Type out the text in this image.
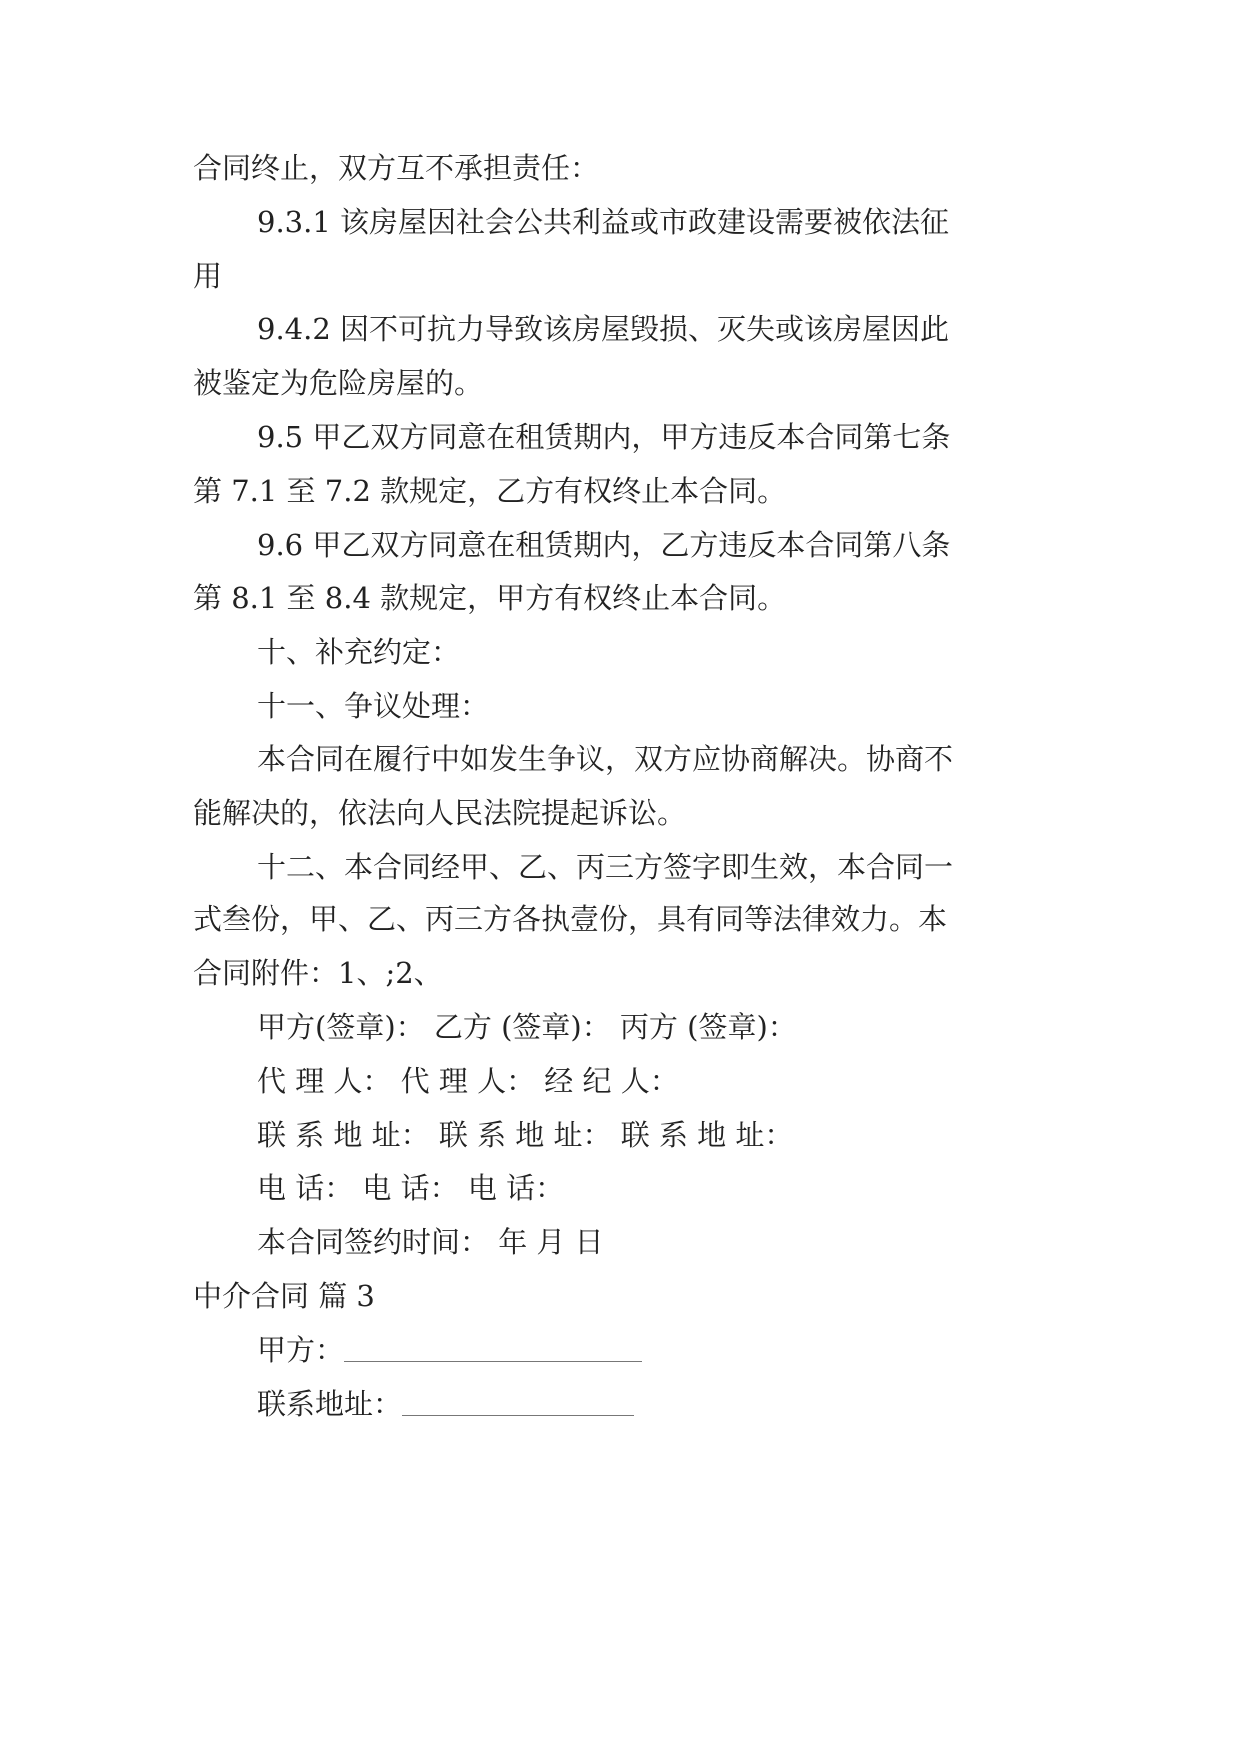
合同终止，双方互不承担责任：
9.3.1 该房屋因社会公共利益或市政建设需要被依法征
用
9.4.2 因不可抗力导致该房屋毁损、灭失或该房屋因此
被鉴定为危险房屋的。
9.5 甲乙双方同意在租赁期内，甲方违反本合同第七条
第 7.1 至 7.2 款规定，乙方有权终止本合同。
9.6 甲乙双方同意在租赁期内，乙方违反本合同第八条
第 8.1 至 8.4 款规定，甲方有权终止本合同。
十、补充约定：
十一、争议处理：
本合同在履行中如发生争议，双方应协商解决。协商不
能解决的，依法向人民法院提起诉讼。
十二、本合同经甲、乙、丙三方签字即生效，本合同一
式叁份，甲、乙、丙三方各执壹份，具有同等法律效力。本
合同附件：1、;2、
甲方(签章)： 乙方 (签章)： 丙方 (签章)：
代 理 人： 代 理 人： 经 纪 人：
联 系 地 址： 联 系 地 址： 联 系 地 址：
电 话： 电 话： 电 话：
本合同签约时间： 年 月 日
中介合同 篇 3
甲方：
联系地址：
